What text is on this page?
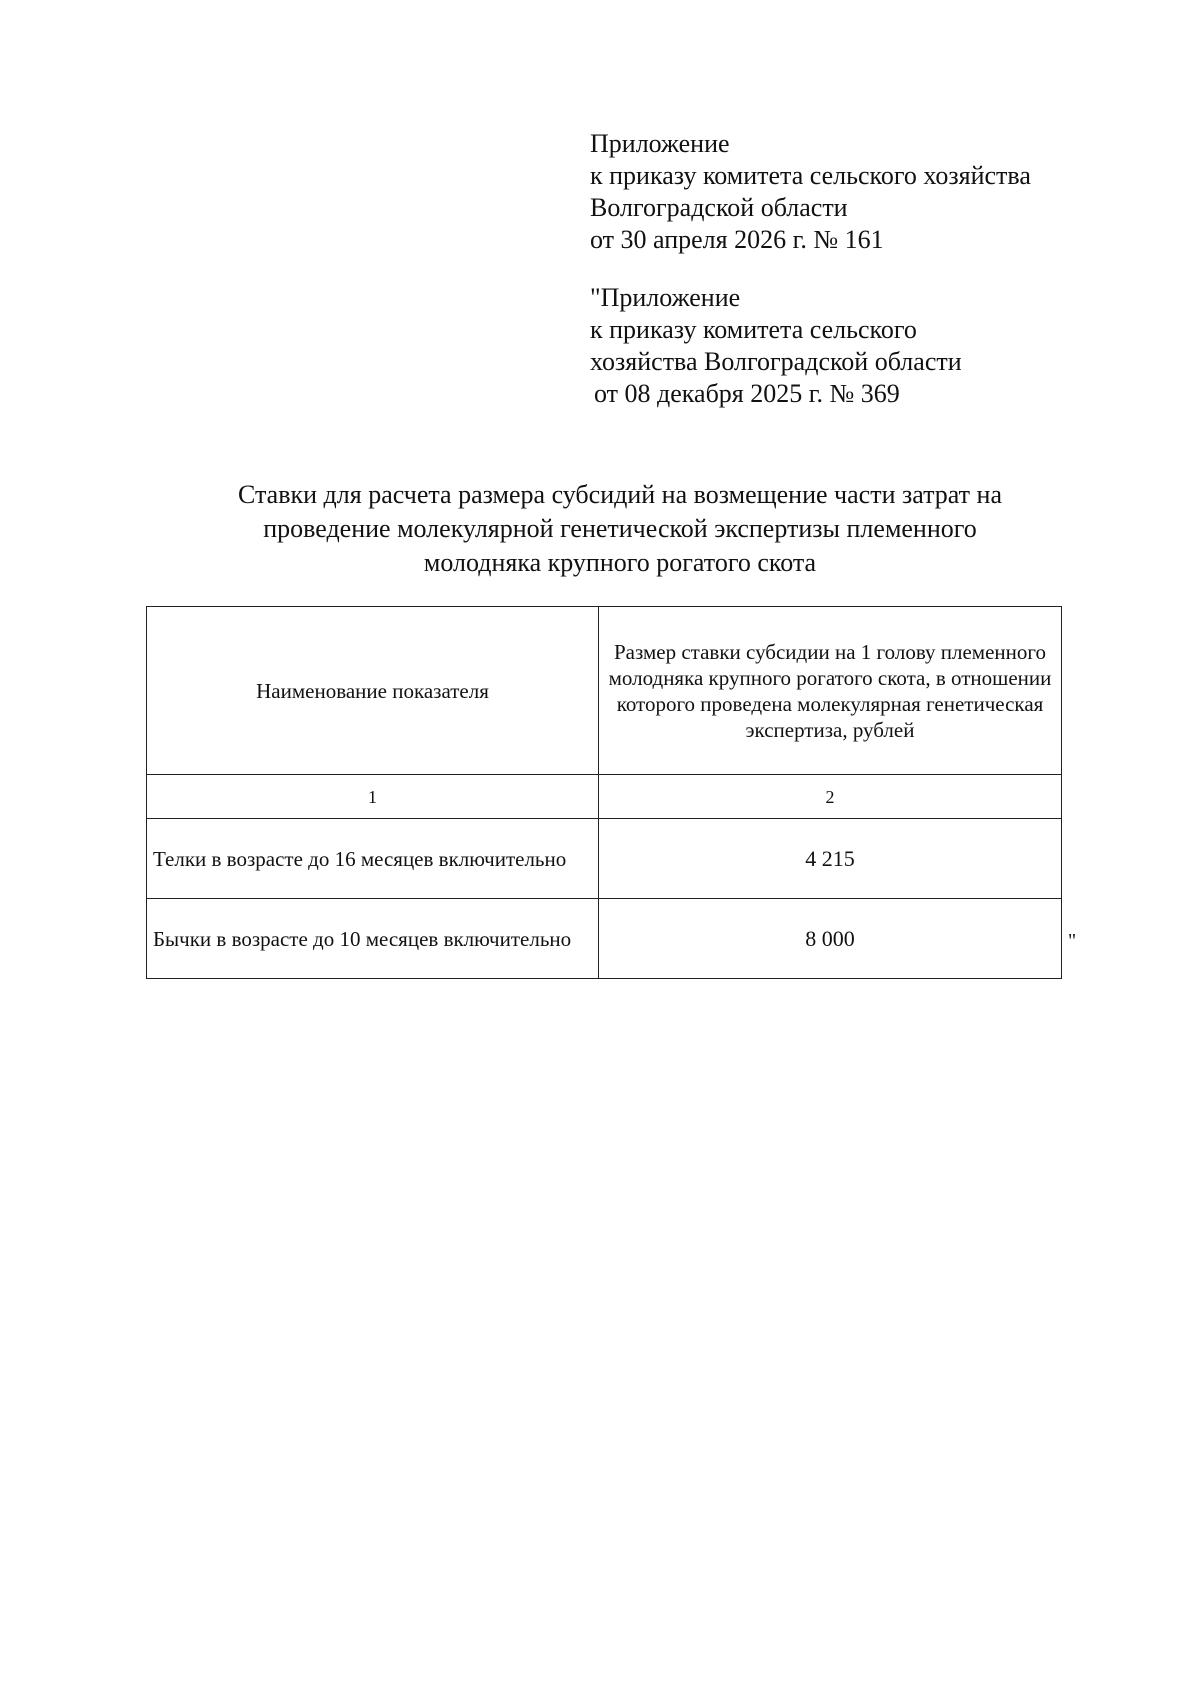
Приложение
к приказу комитета сельского хозяйства
Волгоградской области
от 30 апреля 2026 г. № 161
"Приложение
к приказу комитета сельского
хозяйства Волгоградской области
от 08 декабря 2025 г. № 369
Ставки для расчета размера субсидий на возмещение части затрат на
проведение молекулярной генетической экспертизы племенного
молодняка крупного рогатого скота
Наименование показателя	Размер ставки субсидии на 1 голову племенного молодняка крупного рогатого скота, в отношении которого проведена молекулярная генетическая экспертиза, рублей
1	2
Телки в возрасте до 16 месяцев включительно	4 215
Бычки в возрасте до 10 месяцев включительно	8 000	"
